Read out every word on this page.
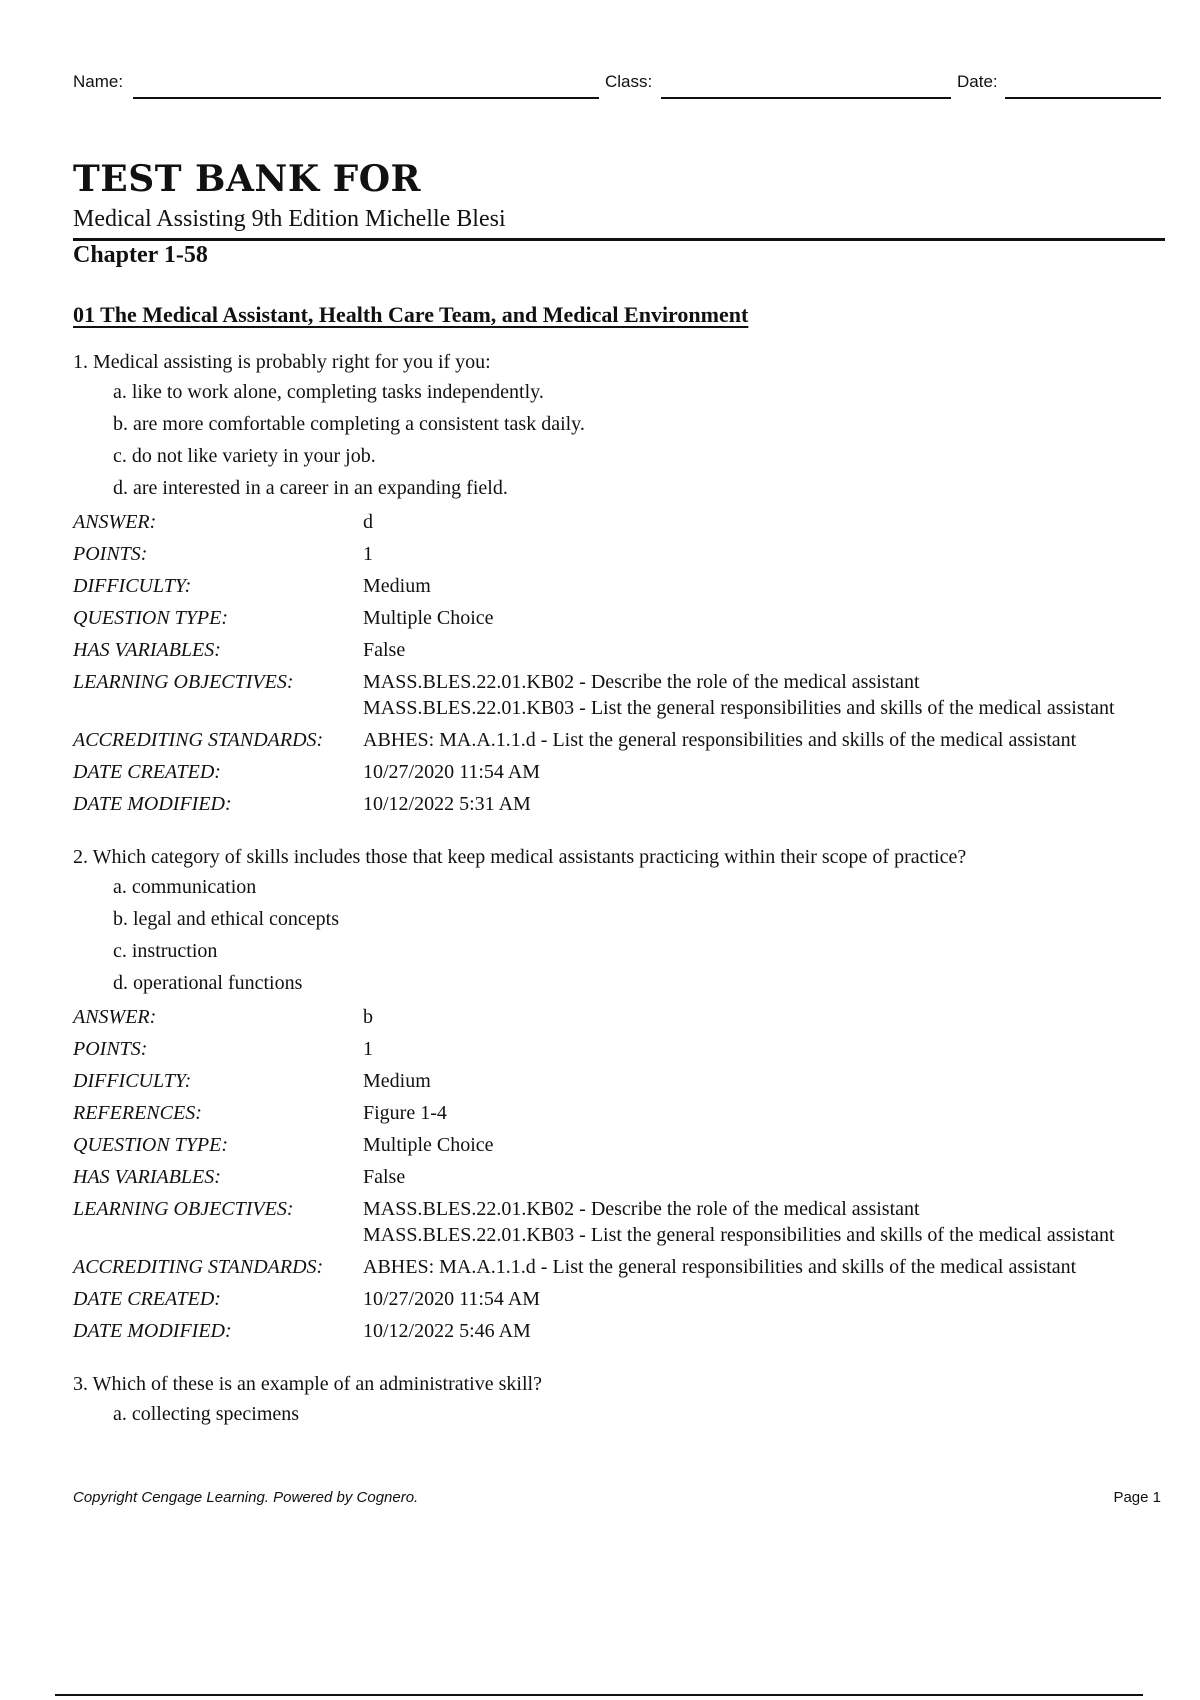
Name:	Class:	Date:
TEST BANK FOR
Medical Assisting 9th Edition Michelle Blesi
Chapter 1-58
01 The Medical Assistant, Health Care Team, and Medical Environment
1. Medical assisting is probably right for you if you:
a. like to work alone, completing tasks independently.
b. are more comfortable completing a consistent task daily.
c. do not like variety in your job.
d. are interested in a career in an expanding field.
ANSWER:	d

POINTS:	1

DIFFICULTY:	Medium

QUESTION TYPE:	Multiple Choice

HAS VARIABLES:	False

LEARNING OBJECTIVES:	MASS.BLES.22.01.KB02 - Describe the role of the medical assistant
MASS.BLES.22.01.KB03 - List the general responsibilities and skills of the medical assistant

ACCREDITING STANDARDS:	ABHES: MA.A.1.1.d - List the general responsibilities and skills of the medical assistant

DATE CREATED:	10/27/2020 11:54 AM

DATE MODIFIED:	10/12/2022 5:31 AM
2. Which category of skills includes those that keep medical assistants practicing within their scope of practice?
a. communication
b. legal and ethical concepts
c. instruction
d. operational functions
ANSWER:	b

POINTS:	1

DIFFICULTY:	Medium

REFERENCES:	Figure 1-4

QUESTION TYPE:	Multiple Choice

HAS VARIABLES:	False

LEARNING OBJECTIVES:	MASS.BLES.22.01.KB02 - Describe the role of the medical assistant
MASS.BLES.22.01.KB03 - List the general responsibilities and skills of the medical assistant

ACCREDITING STANDARDS:	ABHES: MA.A.1.1.d - List the general responsibilities and skills of the medical assistant

DATE CREATED:	10/27/2020 11:54 AM

DATE MODIFIED:	10/12/2022 5:46 AM
3. Which of these is an example of an administrative skill?
a. collecting specimens
Copyright Cengage Learning. Powered by Cognero.	Page 1
